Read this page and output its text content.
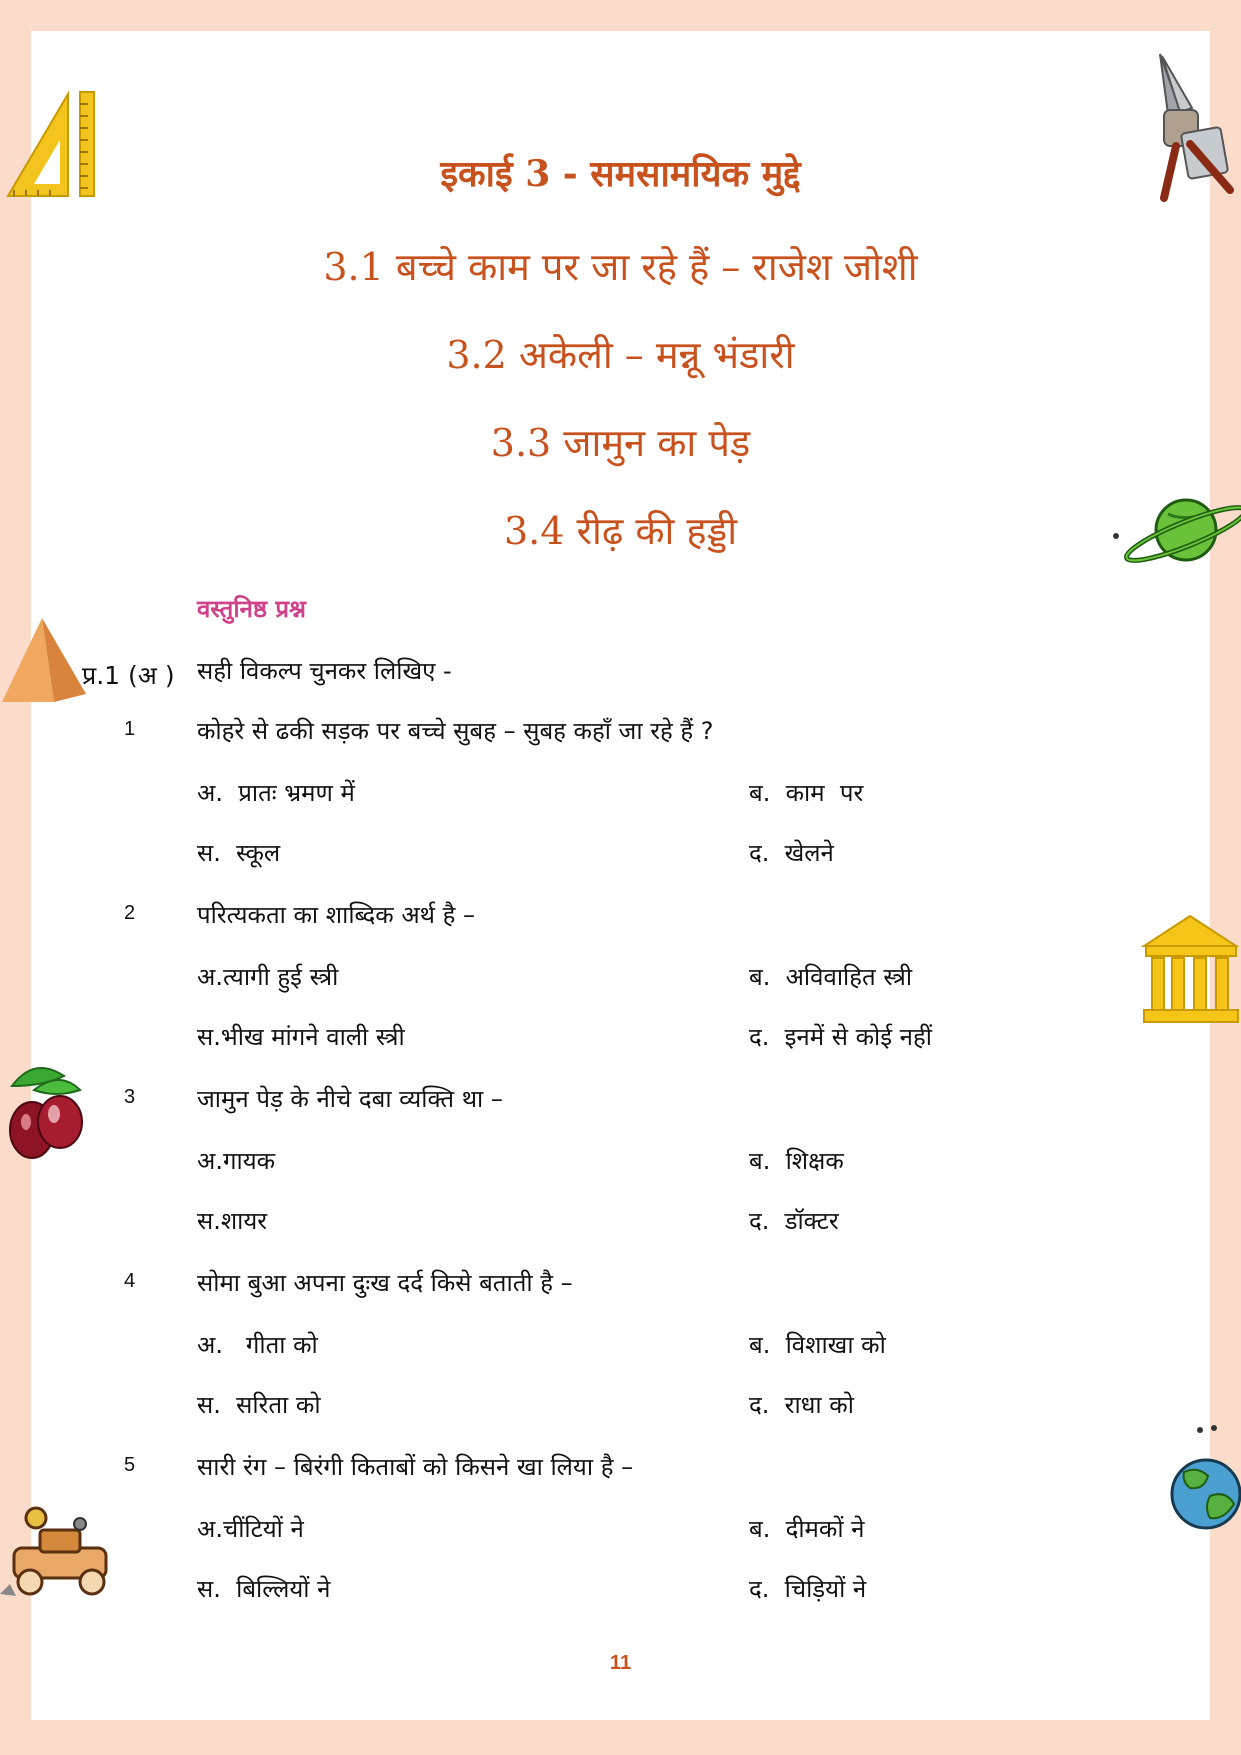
इकाई 3 - समसामयिक मुद्दे
3.1 बच्चे काम पर जा रहे हैं – राजेश जोशी
3.2 अकेली – मन्नू भंडारी
3.3 जामुन का पेड़
3.4 रीढ़ की हड्डी
वस्तुनिष्ठ प्रश्न
प्र.1 (अ ) सही विकल्प चुनकर लिखिए -
1	कोहरे से ढकी सड़क पर बच्चे सुबह – सुबह कहाँ जा रहे हैं ?
अ.  प्रातः भ्रमण में	ब.  काम  पर
स.  स्कूल	द.  खेलने
2	परित्यकता का शाब्दिक अर्थ है –
अ.त्यागी हुई स्त्री	ब.  अविवाहित स्त्री
स.भीख मांगने वाली स्त्री	द.  इनमें से कोई नहीं
3	जामुन पेड़ के नीचे दबा व्यक्ति था –
अ.गायक	ब.  शिक्षक
स.शायर	द.  डॉक्टर
4	सोमा बुआ अपना दुःख दर्द किसे बताती है –
अ.   गीता को	ब.  विशाखा को
स.  सरिता को	द.  राधा को
5	सारी रंग – बिरंगी किताबों को किसने खा लिया है –
अ.चींटियों ने	ब.  दीमकों ने
स.  बिल्लियों ने	द.  चिड़ियों ने
11
